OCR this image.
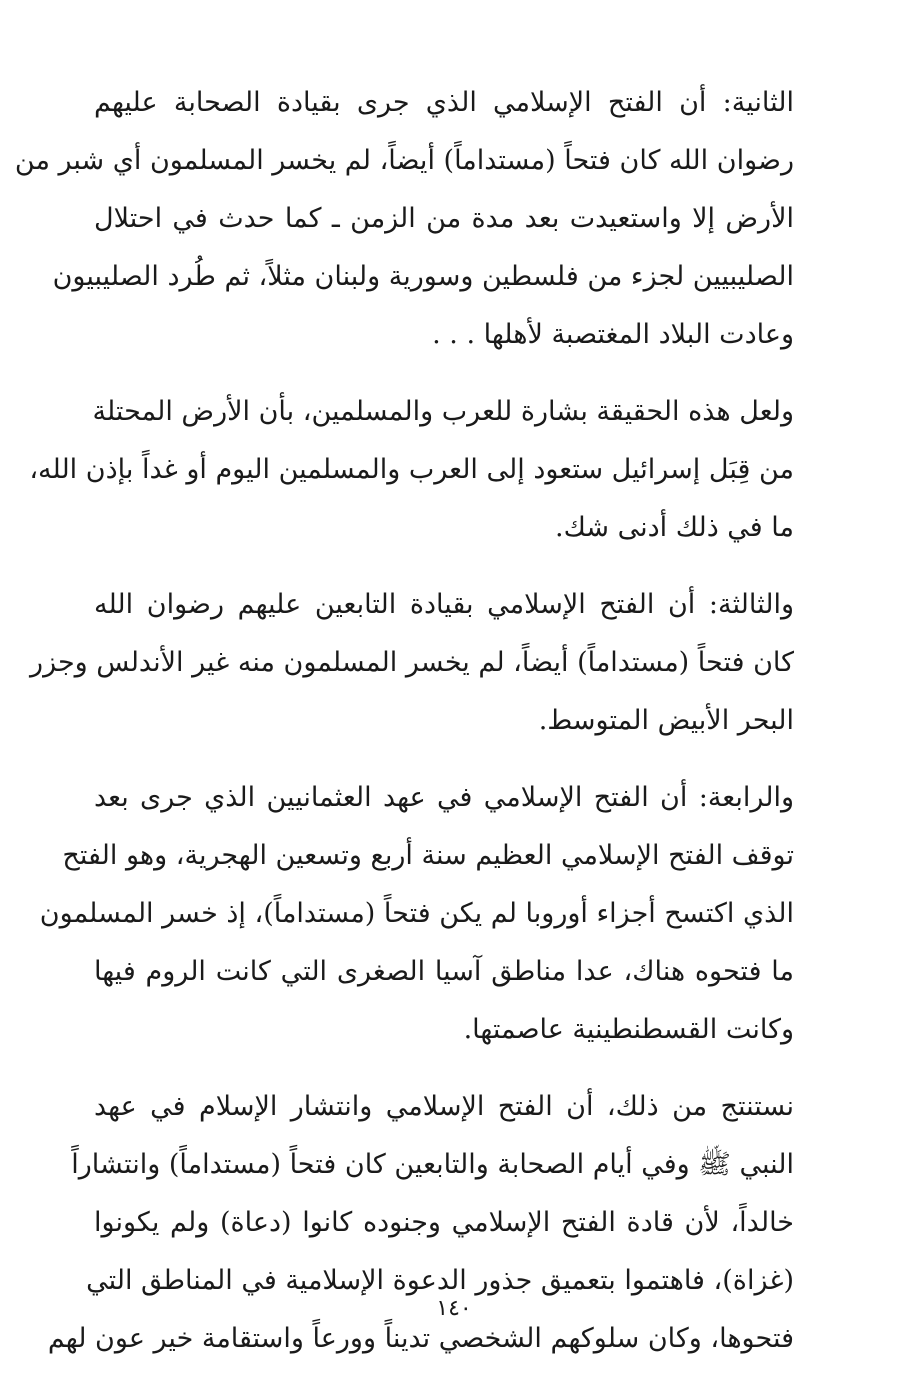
الثانية: أن الفتح الإسلامي الذي جرى بقيادة الصحابة عليهم
رضوان الله كان فتحاً (مستداماً) أيضاً، لم يخسر المسلمون أي شبر من
الأرض إلا واستعيدت بعد مدة من الزمن ـ كما حدث في احتلال
الصليبيين لجزء من فلسطين وسورية ولبنان مثلاً، ثم طُرد الصليبيون
وعادت البلاد المغتصبة لأهلها . . .

ولعل هذه الحقيقة بشارة للعرب والمسلمين، بأن الأرض المحتلة
من قِبَل إسرائيل ستعود إلى العرب والمسلمين اليوم أو غداً بإذن الله،
ما في ذلك أدنى شك.

والثالثة: أن الفتح الإسلامي بقيادة التابعين عليهم رضوان الله
كان فتحاً (مستداماً) أيضاً، لم يخسر المسلمون منه غير الأندلس وجزر
البحر الأبيض المتوسط.

والرابعة: أن الفتح الإسلامي في عهد العثمانيين الذي جرى بعد
توقف الفتح الإسلامي العظيم سنة أربع وتسعين الهجرية، وهو الفتح
الذي اكتسح أجزاء أوروبا لم يكن فتحاً (مستداماً)، إذ خسر المسلمون
ما فتحوه هناك، عدا مناطق آسيا الصغرى التي كانت الروم فيها
وكانت القسطنطينية عاصمتها.

نستنتج من ذلك، أن الفتح الإسلامي وانتشار الإسلام في عهد
النبي ﷺ وفي أيام الصحابة والتابعين كان فتحاً (مستداماً) وانتشاراً
خالداً، لأن قادة الفتح الإسلامي وجنوده كانوا (دعاة) ولم يكونوا
(غزاة)، فاهتموا بتعميق جذور الدعوة الإسلامية في المناطق التي
فتحوها، وكان سلوكهم الشخصي تديناً وورعاً واستقامة خير عون لهم

١٤٠
